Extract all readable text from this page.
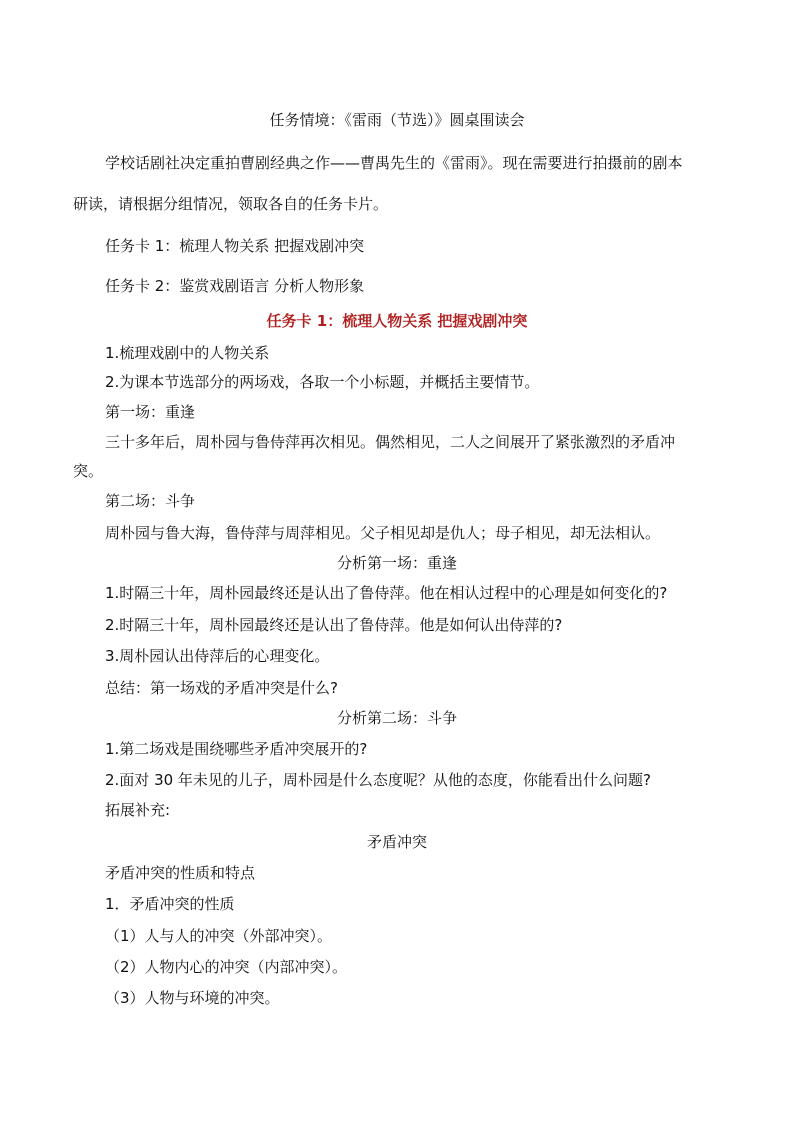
任务情境：《雷雨（节选）》圆桌围读会
学校话剧社决定重拍曹剧经典之作——曹禺先生的《雷雨》。现在需要进行拍摄前的剧本
研读，请根据分组情况，领取各自的任务卡片。
任务卡 1：梳理人物关系 把握戏剧冲突
任务卡 2：鉴赏戏剧语言 分析人物形象
任务卡 1：梳理人物关系 把握戏剧冲突
1.梳理戏剧中的人物关系
2.为课本节选部分的两场戏，各取一个小标题，并概括主要情节。
第一场：重逢
三十多年后，周朴园与鲁侍萍再次相见。偶然相见，二人之间展开了紧张激烈的矛盾冲
突。
第二场：斗争
周朴园与鲁大海，鲁侍萍与周萍相见。父子相见却是仇人；母子相见，却无法相认。
分析第一场：重逢
1.时隔三十年，周朴园最终还是认出了鲁侍萍。他在相认过程中的心理是如何变化的?
2.时隔三十年，周朴园最终还是认出了鲁侍萍。他是如何认出侍萍的?
3.周朴园认出侍萍后的心理变化。
总结：第一场戏的矛盾冲突是什么?
分析第二场：斗争
1.第二场戏是围绕哪些矛盾冲突展开的?
2.面对 30 年未见的儿子，周朴园是什么态度呢？从他的态度，你能看出什么问题?
拓展补充:
矛盾冲突
矛盾冲突的性质和特点
1．矛盾冲突的性质
（1）人与人的冲突（外部冲突）。
（2）人物内心的冲突（内部冲突）。
（3）人物与环境的冲突。
